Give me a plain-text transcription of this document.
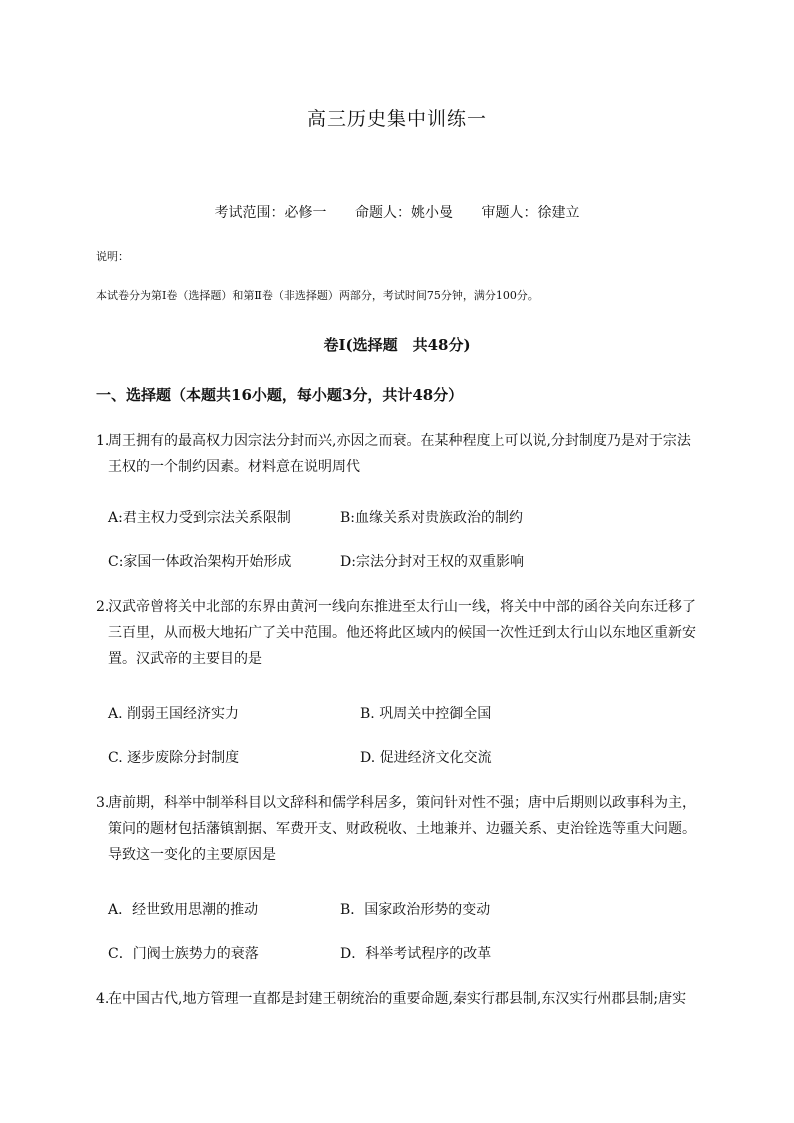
高三历史集中训练一
考试范围：必修一 命题人：姚小曼 审题人：徐建立
说明：
本试卷分为第Ⅰ卷（选择题）和第Ⅱ卷（非选择题）两部分，考试时间75分钟，满分100分。
卷Ⅰ(选择题　共48分)
一、选择题（本题共16小题，每小题3分，共计48分）
1.
周王拥有的最高权力因宗法分封而兴,亦因之而衰。在某种程度上可以说,分封制度乃是对于宗法
王权的一个制约因素。材料意在说明周代
A:君主权力受到宗法关系限制	B:血缘关系对贵族政治的制约
C:家国一体政治架构开始形成	D:宗法分封对王权的双重影响
2.
汉武帝曾将关中北部的东界由黄河一线向东推进至太行山一线，将关中中部的函谷关向东迁移了
三百里，从而极大地拓广了关中范围。他还将此区域内的候国一次性迁到太行山以东地区重新安
置。汉武帝的主要目的是
A. 削弱王国经济实力	B. 巩周关中控御全国
C. 逐步废除分封制度	D. 促进经济文化交流
3.
唐前期，科举中制举科目以文辞科和儒学科居多，策问针对性不强；唐中后期则以政事科为主，
策问的题材包括藩镇割据、军费开支、财政税收、土地兼并、边疆关系、吏治铨选等重大问题。
导致这一变化的主要原因是
A．经世致用思潮的推动	B．国家政治形势的变动
C．门阀士族势力的衰落	D．科举考试程序的改革
4.
在中国古代,地方管理一直都是封建王朝统治的重要命题,秦实行郡县制,东汉实行州郡县制;唐实
